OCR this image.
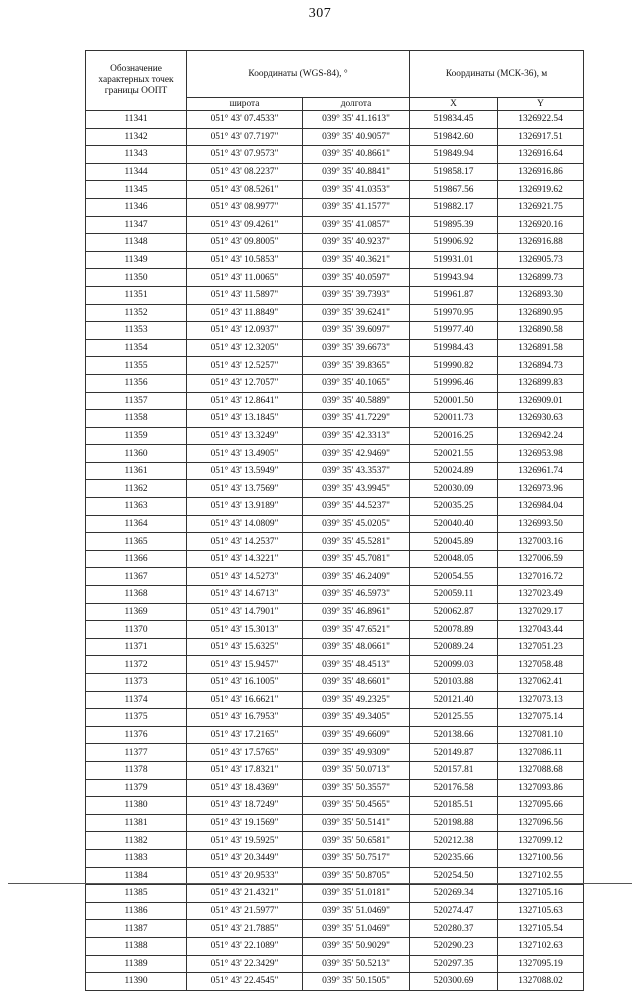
307
Обозначение характерных точек границы ООПТ	Координаты (WGS-84), °		Координаты (МСК-36), м	
	широта	долгота	X	Y
11341	051° 43' 07.4533"	039° 35' 41.1613"	519834.45	1326922.54
11342	051° 43' 07.7197"	039° 35' 40.9057"	519842.60	1326917.51
11343	051° 43' 07.9573"	039° 35' 40.8661"	519849.94	1326916.64
11344	051° 43' 08.2237"	039° 35' 40.8841"	519858.17	1326916.86
11345	051° 43' 08.5261"	039° 35' 41.0353"	519867.56	1326919.62
11346	051° 43' 08.9977"	039° 35' 41.1577"	519882.17	1326921.75
11347	051° 43' 09.4261"	039° 35' 41.0857"	519895.39	1326920.16
11348	051° 43' 09.8005"	039° 35' 40.9237"	519906.92	1326916.88
11349	051° 43' 10.5853"	039° 35' 40.3621"	519931.01	1326905.73
11350	051° 43' 11.0065"	039° 35' 40.0597"	519943.94	1326899.73
11351	051° 43' 11.5897"	039° 35' 39.7393"	519961.87	1326893.30
11352	051° 43' 11.8849"	039° 35' 39.6241"	519970.95	1326890.95
11353	051° 43' 12.0937"	039° 35' 39.6097"	519977.40	1326890.58
11354	051° 43' 12.3205"	039° 35' 39.6673"	519984.43	1326891.58
11355	051° 43' 12.5257"	039° 35' 39.8365"	519990.82	1326894.73
11356	051° 43' 12.7057"	039° 35' 40.1065"	519996.46	1326899.83
11357	051° 43' 12.8641"	039° 35' 40.5889"	520001.50	1326909.01
11358	051° 43' 13.1845"	039° 35' 41.7229"	520011.73	1326930.63
11359	051° 43' 13.3249"	039° 35' 42.3313"	520016.25	1326942.24
11360	051° 43' 13.4905"	039° 35' 42.9469"	520021.55	1326953.98
11361	051° 43' 13.5949"	039° 35' 43.3537"	520024.89	1326961.74
11362	051° 43' 13.7569"	039° 35' 43.9945"	520030.09	1326973.96
11363	051° 43' 13.9189"	039° 35' 44.5237"	520035.25	1326984.04
11364	051° 43' 14.0809"	039° 35' 45.0205"	520040.40	1326993.50
11365	051° 43' 14.2537"	039° 35' 45.5281"	520045.89	1327003.16
11366	051° 43' 14.3221"	039° 35' 45.7081"	520048.05	1327006.59
11367	051° 43' 14.5273"	039° 35' 46.2409"	520054.55	1327016.72
11368	051° 43' 14.6713"	039° 35' 46.5973"	520059.11	1327023.49
11369	051° 43' 14.7901"	039° 35' 46.8961"	520062.87	1327029.17
11370	051° 43' 15.3013"	039° 35' 47.6521"	520078.89	1327043.44
11371	051° 43' 15.6325"	039° 35' 48.0661"	520089.24	1327051.23
11372	051° 43' 15.9457"	039° 35' 48.4513"	520099.03	1327058.48
11373	051° 43' 16.1005"	039° 35' 48.6601"	520103.88	1327062.41
11374	051° 43' 16.6621"	039° 35' 49.2325"	520121.40	1327073.13
11375	051° 43' 16.7953"	039° 35' 49.3405"	520125.55	1327075.14
11376	051° 43' 17.2165"	039° 35' 49.6609"	520138.66	1327081.10
11377	051° 43' 17.5765"	039° 35' 49.9309"	520149.87	1327086.11
11378	051° 43' 17.8321"	039° 35' 50.0713"	520157.81	1327088.68
11379	051° 43' 18.4369"	039° 35' 50.3557"	520176.58	1327093.86
11380	051° 43' 18.7249"	039° 35' 50.4565"	520185.51	1327095.66
11381	051° 43' 19.1569"	039° 35' 50.5141"	520198.88	1327096.56
11382	051° 43' 19.5925"	039° 35' 50.6581"	520212.38	1327099.12
11383	051° 43' 20.3449"	039° 35' 50.7517"	520235.66	1327100.56
11384	051° 43' 20.9533"	039° 35' 50.8705"	520254.50	1327102.55
11385	051° 43' 21.4321"	039° 35' 51.0181"	520269.34	1327105.16
11386	051° 43' 21.5977"	039° 35' 51.0469"	520274.47	1327105.63
11387	051° 43' 21.7885"	039° 35' 51.0469"	520280.37	1327105.54
11388	051° 43' 22.1089"	039° 35' 50.9029"	520290.23	1327102.63
11389	051° 43' 22.3429"	039° 35' 50.5213"	520297.35	1327095.19
11390	051° 43' 22.4545"	039° 35' 50.1505"	520300.69	1327088.02
